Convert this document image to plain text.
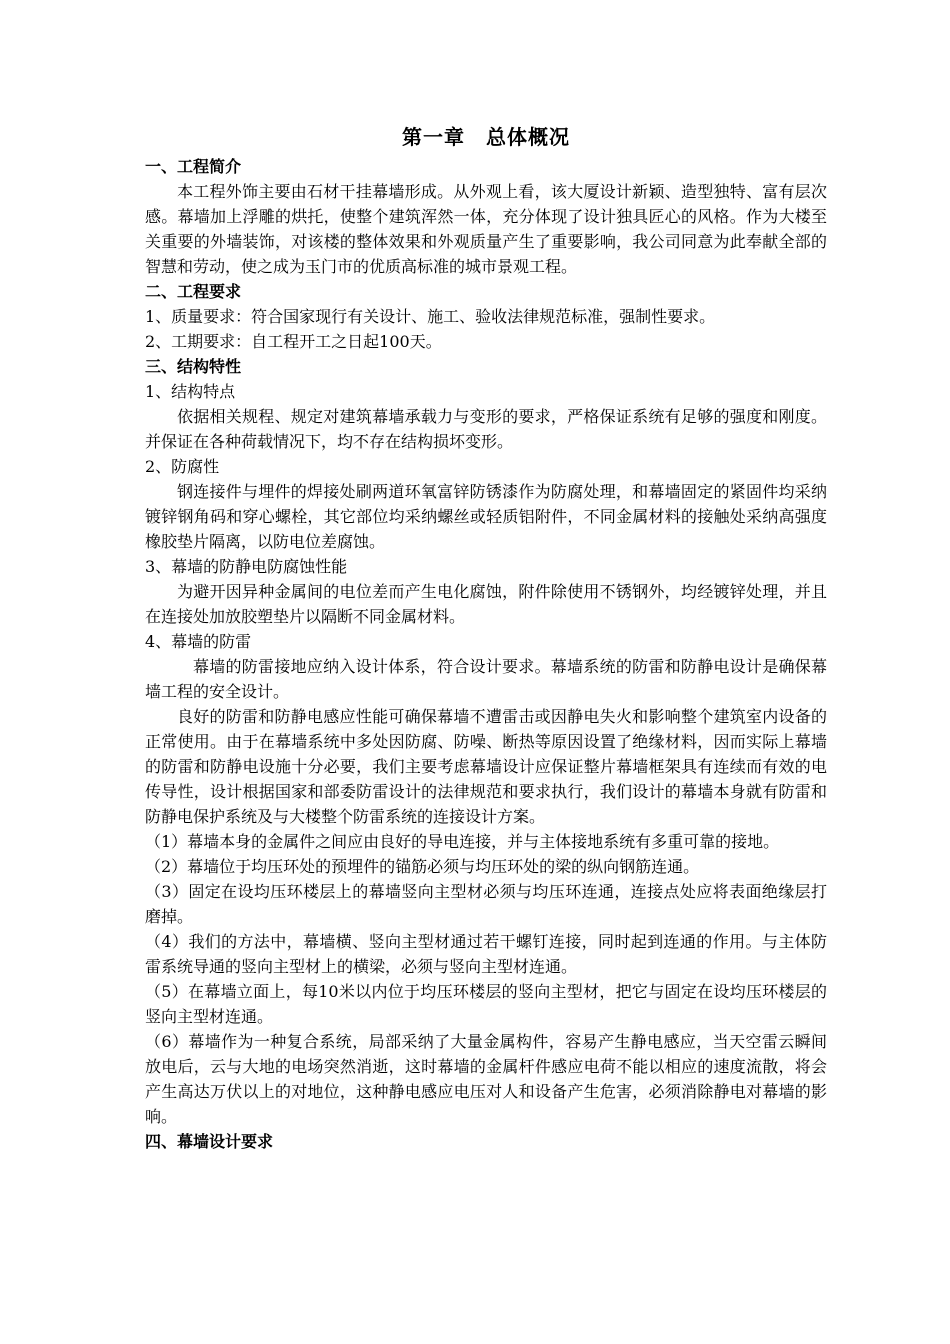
第一章　总体概况

一、工程简介

本工程外饰主要由石材干挂幕墙形成。从外观上看，该大厦设计新颖、造型独特、富有层次感。幕墙加上浮雕的烘托，使整个建筑浑然一体，充分体现了设计独具匠心的风格。作为大楼至关重要的外墙装饰，对该楼的整体效果和外观质量产生了重要影响，我公司同意为此奉献全部的智慧和劳动，使之成为玉门市的优质高标准的城市景观工程。

二、工程要求

1、质量要求：符合国家现行有关设计、施工、验收法律规范标准，强制性要求。

2、工期要求：自工程开工之日起100天。

三、结构特性

1、结构特点

依据相关规程、规定对建筑幕墙承载力与变形的要求，严格保证系统有足够的强度和刚度。并保证在各种荷载情况下，均不存在结构损坏变形。

2、防腐性

钢连接件与埋件的焊接处刷两道环氧富锌防锈漆作为防腐处理，和幕墙固定的紧固件均采纳镀锌钢角码和穿心螺栓，其它部位均采纳螺丝或轻质铝附件，不同金属材料的接触处采纳高强度橡胶垫片隔离，以防电位差腐蚀。

3、幕墙的防静电防腐蚀性能

为避开因异种金属间的电位差而产生电化腐蚀，附件除使用不锈钢外，均经镀锌处理，并且在连接处加放胶塑垫片以隔断不同金属材料。

4、幕墙的防雷

幕墙的防雷接地应纳入设计体系，符合设计要求。幕墙系统的防雷和防静电设计是确保幕墙工程的安全设计。

良好的防雷和防静电感应性能可确保幕墙不遭雷击或因静电失火和影响整个建筑室内设备的正常使用。由于在幕墙系统中多处因防腐、防噪、断热等原因设置了绝缘材料，因而实际上幕墙的防雷和防静电设施十分必要，我们主要考虑幕墙设计应保证整片幕墙框架具有连续而有效的电传导性，设计根据国家和部委防雷设计的法律规范和要求执行，我们设计的幕墙本身就有防雷和防静电保护系统及与大楼整个防雷系统的连接设计方案。

（1）幕墙本身的金属件之间应由良好的导电连接，并与主体接地系统有多重可靠的接地。

（2）幕墙位于均压环处的预埋件的锚筋必须与均压环处的梁的纵向钢筋连通。

（3）固定在设均压环楼层上的幕墙竖向主型材必须与均压环连通，连接点处应将表面绝缘层打磨掉。

（4）我们的方法中，幕墙横、竖向主型材通过若干螺钉连接，同时起到连通的作用。与主体防雷系统导通的竖向主型材上的横梁，必须与竖向主型材连通。

（5）在幕墙立面上，每10米以内位于均压环楼层的竖向主型材，把它与固定在设均压环楼层的竖向主型材连通。

（6）幕墙作为一种复合系统，局部采纳了大量金属构件，容易产生静电感应，当天空雷云瞬间放电后，云与大地的电场突然消逝，这时幕墙的金属杆件感应电荷不能以相应的速度流散，将会产生高达万伏以上的对地位，这种静电感应电压对人和设备产生危害，必须消除静电对幕墙的影响。

四、幕墙设计要求
